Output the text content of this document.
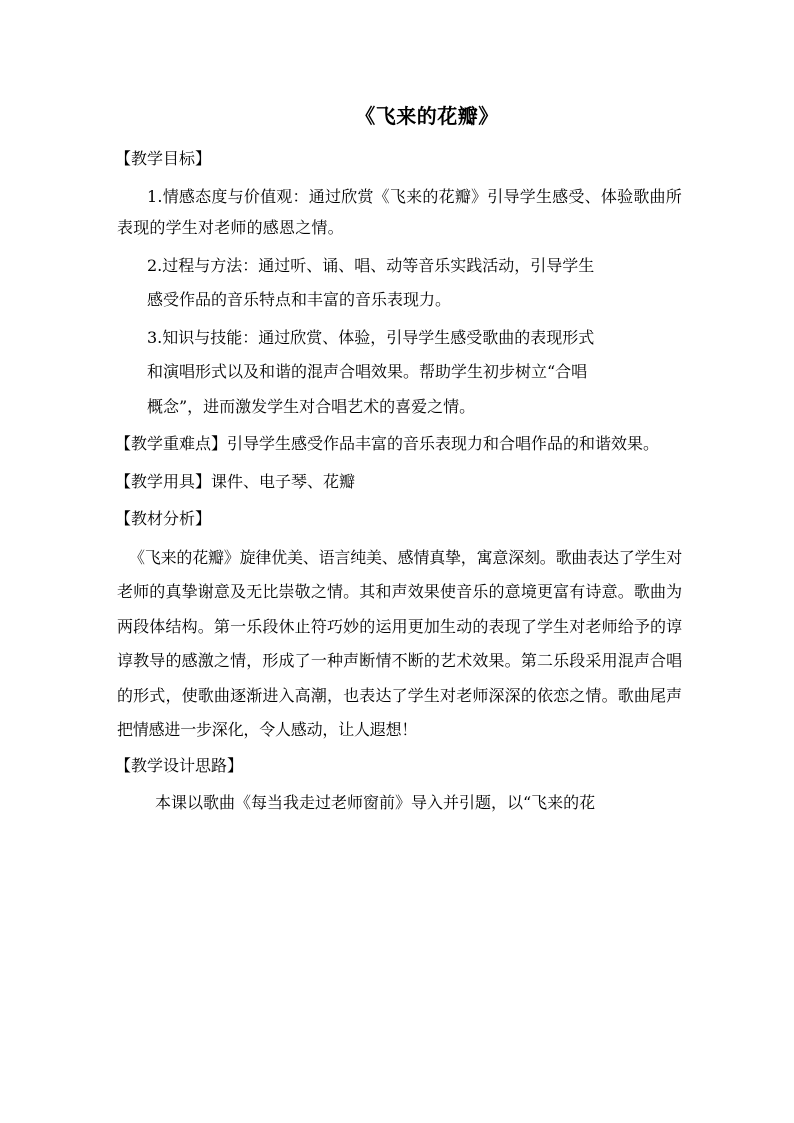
《飞来的花瓣》
【教学目标】
1.情感态度与价值观：通过欣赏《飞来的花瓣》引导学生感受、体验歌曲所表现的学生对老师的感恩之情。
2.过程与方法：通过听、诵、唱、动等音乐实践活动，引导学生
感受作品的音乐特点和丰富的音乐表现力。
3.知识与技能：通过欣赏、体验，引导学生感受歌曲的表现形式
和演唱形式以及和谐的混声合唱效果。帮助学生初步树立“合唱
概念”，进而激发学生对合唱艺术的喜爱之情。
【教学重难点】引导学生感受作品丰富的音乐表现力和合唱作品的和谐效果。
【教学用具】课件、电子琴、花瓣
【教材分析】
《飞来的花瓣》旋律优美、语言纯美、感情真挚，寓意深刻。歌曲表达了学生对老师的真挚谢意及无比崇敬之情。其和声效果使音乐的意境更富有诗意。歌曲为两段体结构。第一乐段休止符巧妙的运用更加生动的表现了学生对老师给予的谆谆教导的感激之情，形成了一种声断情不断的艺术效果。第二乐段采用混声合唱的形式，使歌曲逐渐进入高潮，也表达了学生对老师深深的依恋之情。歌曲尾声把情感进一步深化，令人感动，让人遐想！
【教学设计思路】
本课以歌曲《每当我走过老师窗前》导入并引题，以“飞来的花
